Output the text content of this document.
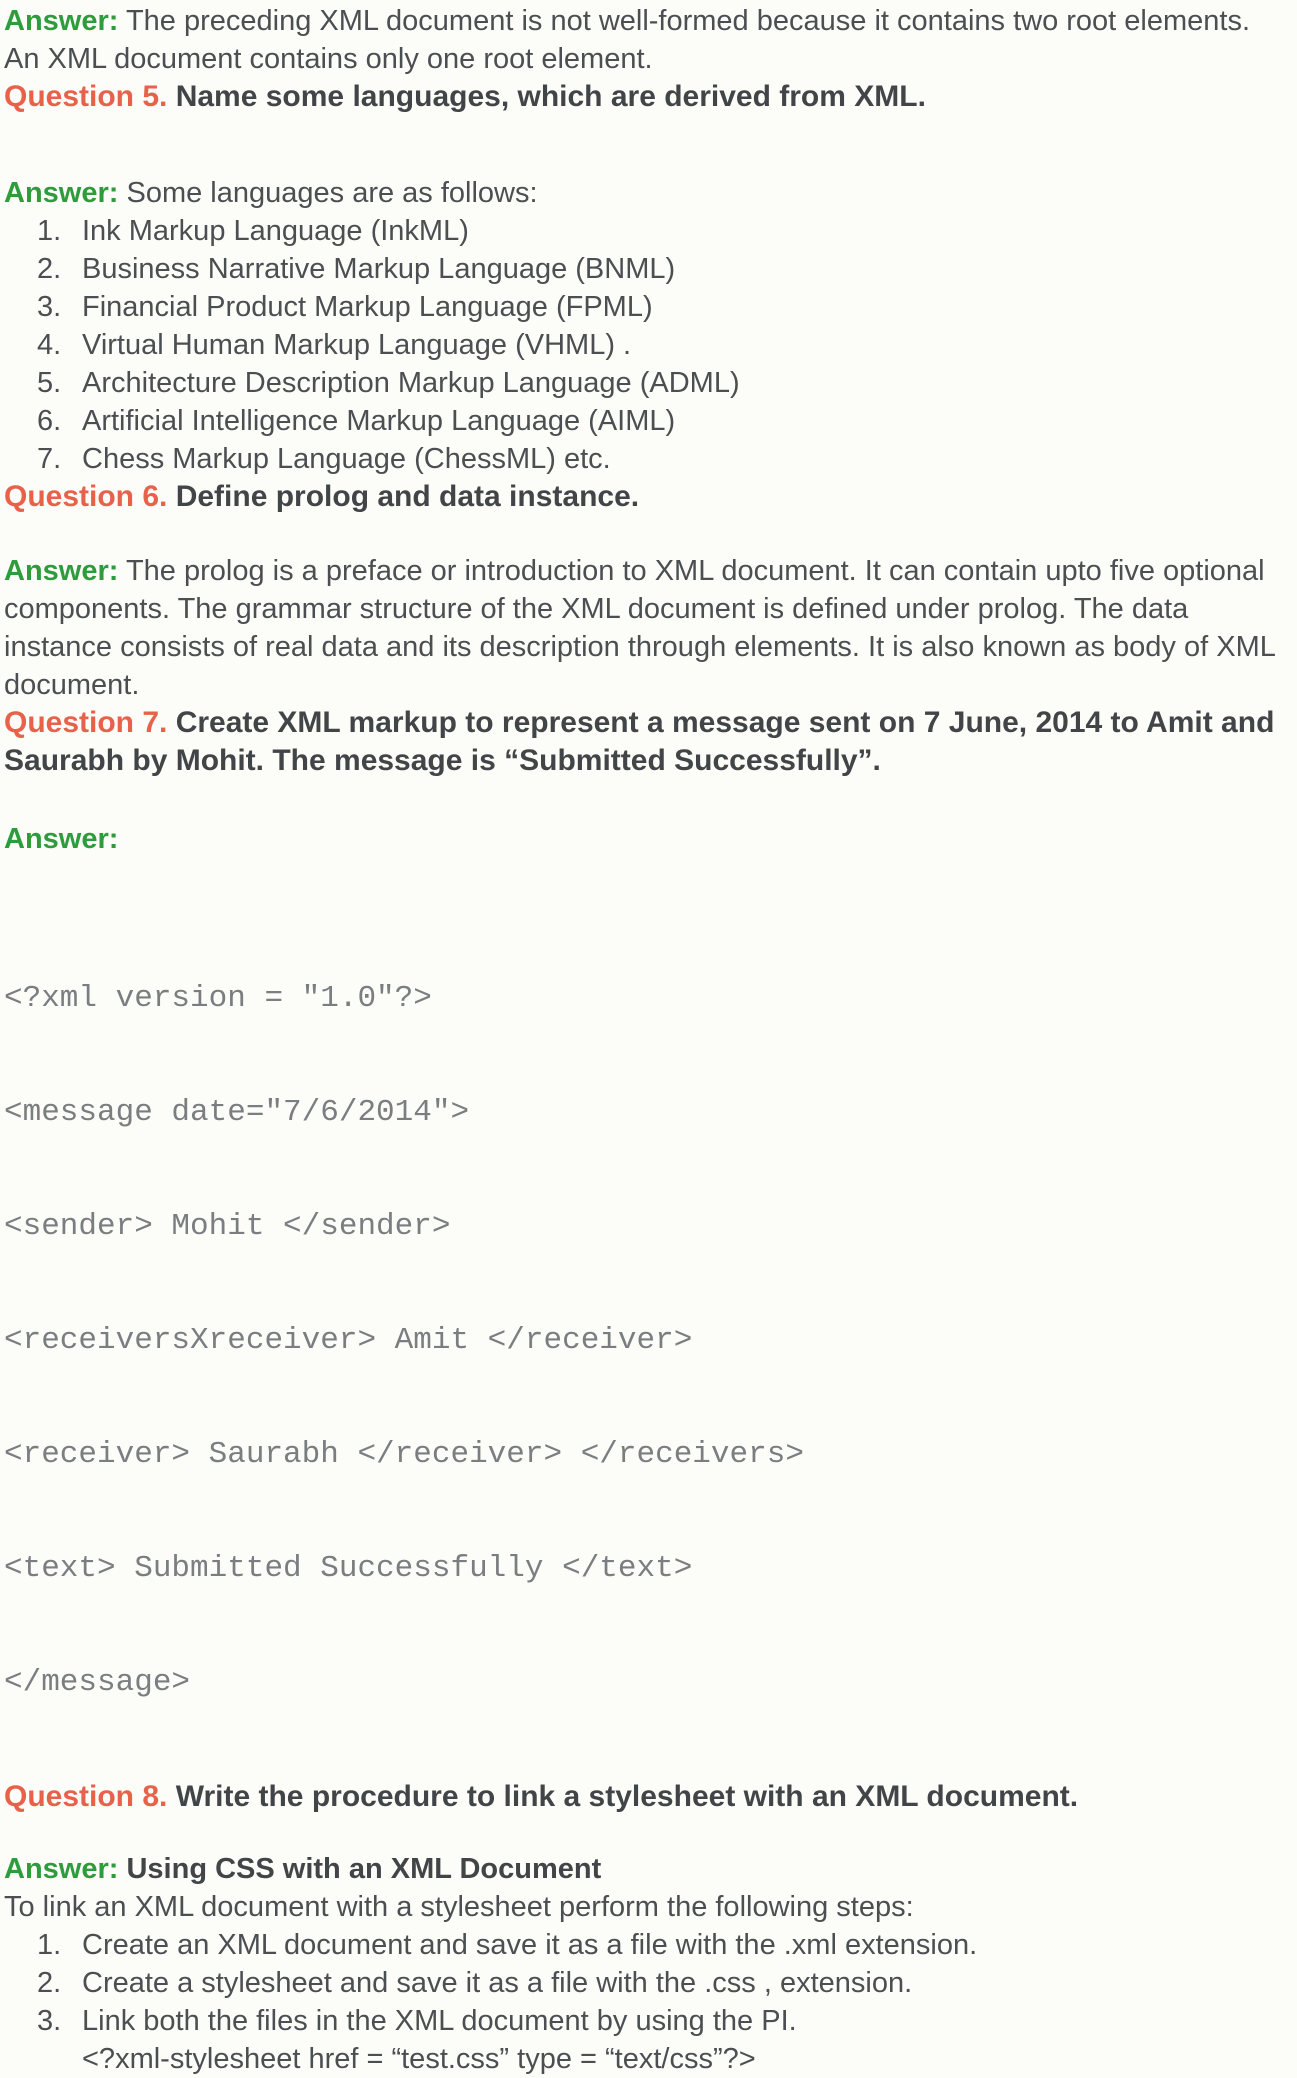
Answer: The preceding XML document is not well-formed because it contains two root elements. An XML document contains only one root element.

Question 5. Name some languages, which are derived from XML.

Answer: Some languages are as follows:

Ink Markup Language (InkML)
Business Narrative Markup Language (BNML)
Financial Product Markup Language (FPML)
Virtual Human Markup Language (VHML) .
Architecture Description Markup Language (ADML)
Artificial Intelligence Markup Language (AIML)
Chess Markup Language (ChessML) etc.
Question 6. Define prolog and data instance.

Answer: The prolog is a preface or introduction to XML document. It can contain upto five optional components. The grammar structure of the XML document is defined under prolog. The data instance consists of real data and its description through elements. It is also known as body of XML document.

Question 7. Create XML markup to represent a message sent on 7 June, 2014 to Amit and Saurabh by Mohit. The message is “Submitted Successfully”.

Answer:

<?xml version = "1.0"?>

<message date="7/6/2014">

<sender> Mohit </sender>

<receiversXreceiver> Amit </receiver>

<receiver> Saurabh </receiver> </receivers>

<text> Submitted Successfully </text>

</message>

Question 8. Write the procedure to link a stylesheet with an XML document.

Answer: Using CSS with an XML Document

To link an XML document with a stylesheet perform the following steps:

Create an XML document and save it as a file with the .xml extension.
Create a stylesheet and save it as a file with the .css , extension.
Link both the files in the XML document by using the PI.
<?xml-stylesheet href = “test.css” type = “text/css”?>
